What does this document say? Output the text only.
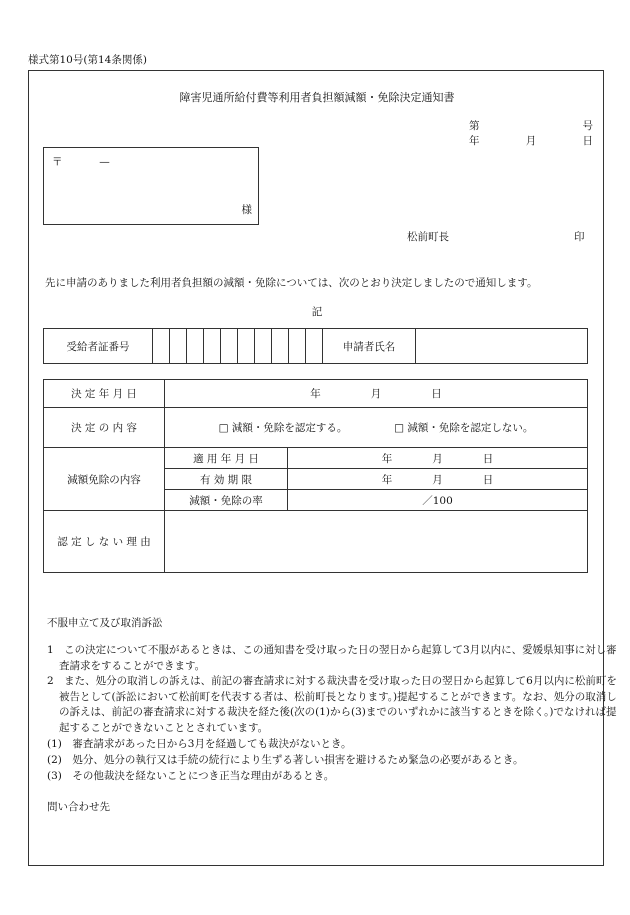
様式第10号(第14条関係)
障害児通所給付費等利用者負担額減額・免除決定通知書
第	号
年	月	日
〒	—
様
松前町長	印
先に申請のありました利用者負担額の減額・免除については、次のとおり決定しましたので通知します。
記
受給者証番号											申請者氏名	
決 定 年 月 日	年 月 日	
決 定 の 内 容	□ 減額・免除を認定する。 □ 減額・免除を認定しない。	
減額免除の内容	適 用 年 月 日	年 月 日
	有 効 期 限	年 月 日
	減額・免除の率	／100
認 定 し な い 理 由		
不服申立て及び取消訴訟
1　この決定について不服があるときは、この通知書を受け取った日の翌日から起算して3月以内に、愛媛県知事に対し審査請求をすることができます。
2　また、処分の取消しの訴えは、前記の審査請求に対する裁決書を受け取った日の翌日から起算して6月以内に松前町を被告として(訴訟において松前町を代表する者は、松前町長となります。)提起することができます。なお、処分の取消しの訴えは、前記の審査請求に対する裁決を経た後(次の(1)から(3)までのいずれかに該当するときを除く。)でなければ提起することができないこととされています。
(1)　審査請求があった日から3月を経過しても裁決がないとき。
(2)　処分、処分の執行又は手続の続行により生ずる著しい損害を避けるため緊急の必要があるとき。
(3)　その他裁決を経ないことにつき正当な理由があるとき。
問い合わせ先
